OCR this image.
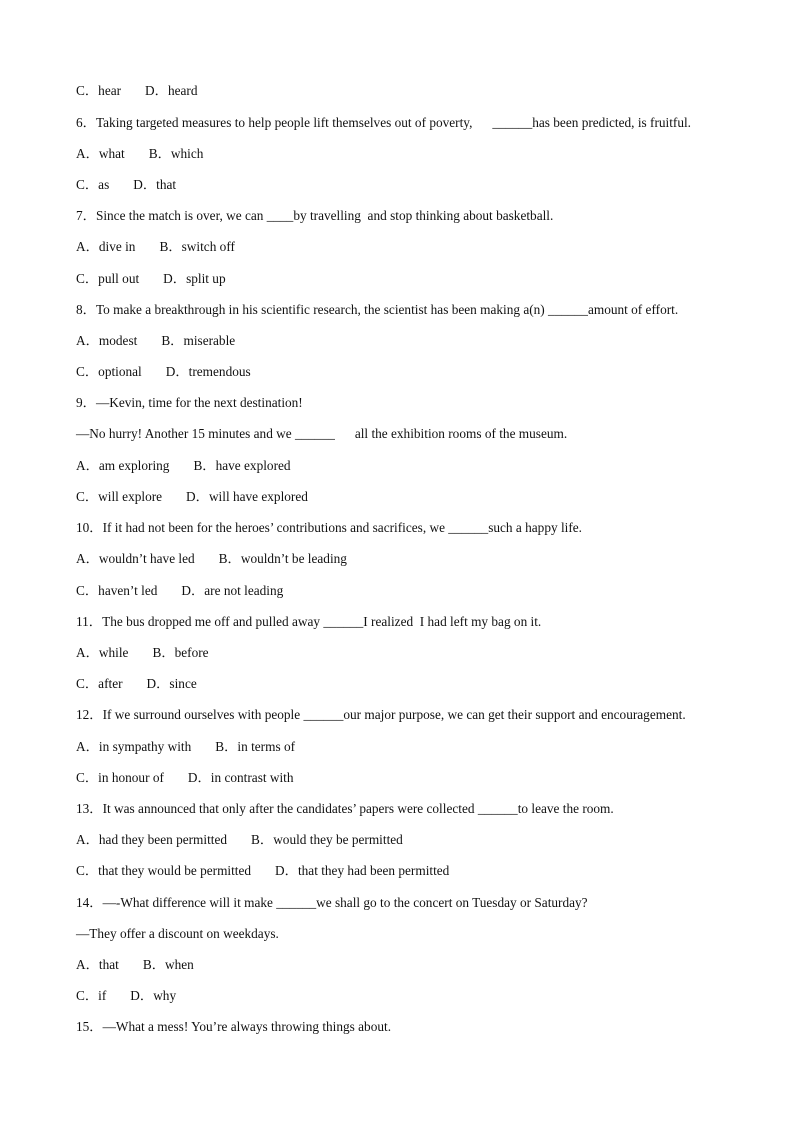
C．hear D．heard
6．Taking targeted measures to help people lift themselves out of poverty,      ______has been predicted, is fruitful.
A．what B．which
C．as D．that
7．Since the match is over, we can ____by travelling  and stop thinking about basketball.
A．dive in B．switch off
C．pull out D．split up
8．To make a breakthrough in his scientific research, the scientist has been making a(n) ______amount of effort.
A．modest B．miserable
C．optional D．tremendous
9．—Kevin, time for the next destination!
—No hurry! Another 15 minutes and we ______      all the exhibition rooms of the museum.
A．am exploring B．have explored
C．will explore D．will have explored
10．If it had not been for the heroes’ contributions and sacrifices, we ______such a happy life.
A．wouldn’t have led B．wouldn’t be leading
C．haven’t led D．are not leading
11．The bus dropped me off and pulled away ______I realized  I had left my bag on it.
A．while B．before
C．after D．since
12．If we surround ourselves with people ______our major purpose, we can get their support and encouragement.
A．in sympathy with B．in terms of
C．in honour of D．in contrast with
13．It was announced that only after the candidates’ papers were collected ______to leave the room.
A．had they been permitted B．would they be permitted
C．that they would be permitted D．that they had been permitted
14．—-What difference will it make ______we shall go to the concert on Tuesday or Saturday?
—They offer a discount on weekdays.
A．that B．when
C．if D．why
15．—What a mess! You’re always throwing things about.
